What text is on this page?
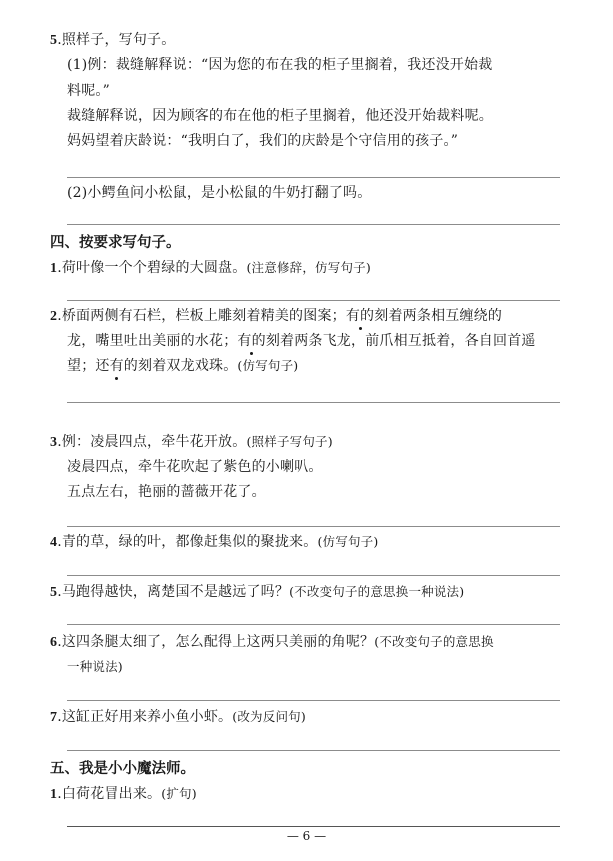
5.照样子，写句子。
(1)例：裁缝解释说：“因为您的布在我的柜子里搁着，我还没开始裁
料呢。”
裁缝解释说，因为顾客的布在他的柜子里搁着，他还没开始裁料呢。
妈妈望着庆龄说：“我明白了，我们的庆龄是个守信用的孩子。”
(2)小鳄鱼问小松鼠，是小松鼠的牛奶打翻了吗。
四、按要求写句子。
1.荷叶像一个个碧绿的大圆盘。(注意修辞，仿写句子)
2.桥面两侧有石栏，栏板上雕刻着精美的图案；有的刻着两条相互缠绕的
龙，嘴里吐出美丽的水花；有的刻着两条飞龙，前爪相互抵着，各自回首遥
望；还有的刻着双龙戏珠。(仿写句子)
3.例：凌晨四点，牵牛花开放。(照样子写句子)
凌晨四点，牵牛花吹起了紫色的小喇叭。
五点左右，艳丽的蔷薇开花了。
4.青的草，绿的叶，都像赶集似的聚拢来。(仿写句子)
5.马跑得越快，离楚国不是越远了吗？(不改变句子的意思换一种说法)
6.这四条腿太细了，怎么配得上这两只美丽的角呢？(不改变句子的意思换
一种说法)
7.这缸正好用来养小鱼小虾。(改为反问句)
五、我是小小魔法师。
1.白荷花冒出来。(扩句)
— 6 —
